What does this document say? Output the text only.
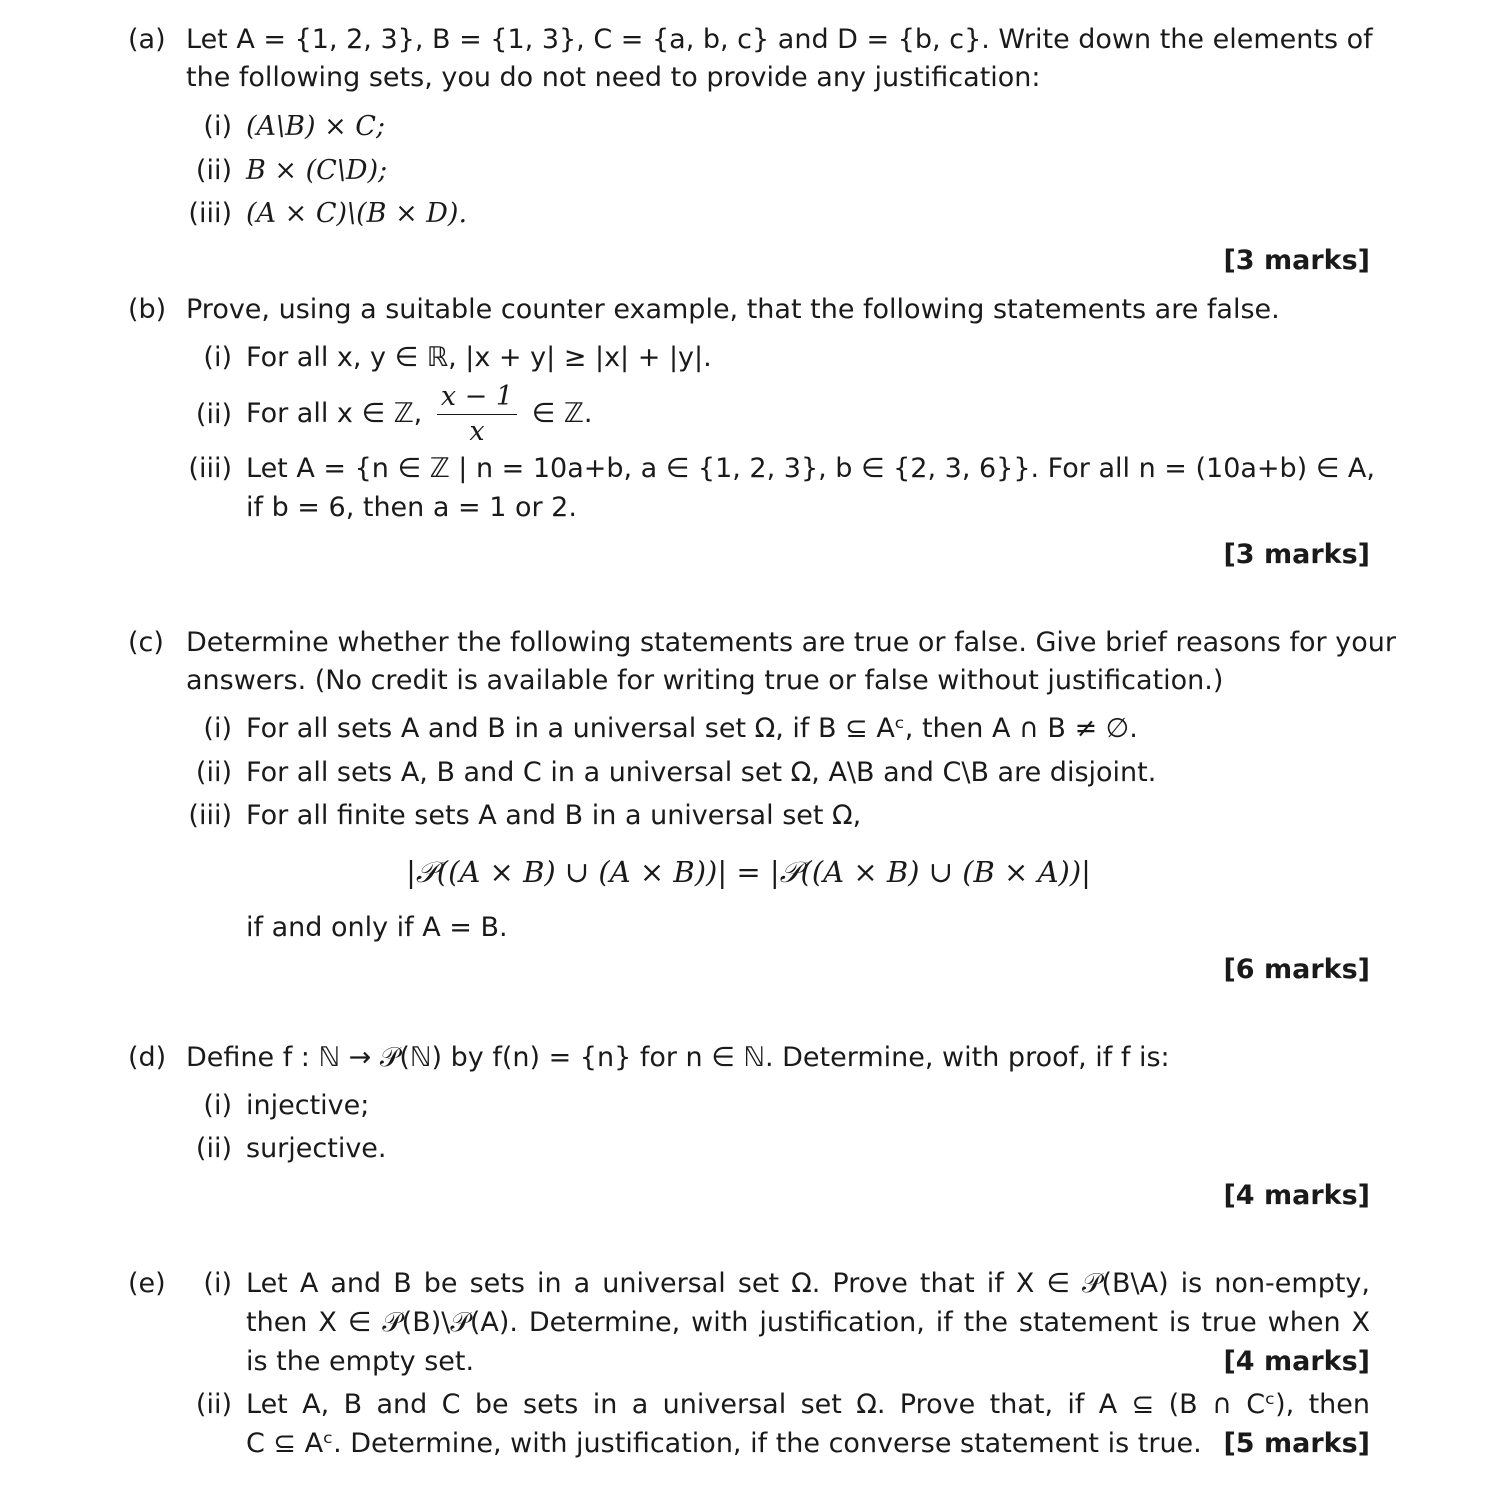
(a) Let A = {1, 2, 3}, B = {1, 3}, C = {a, b, c} and D = {b, c}. Write down the elements of
the following sets, you do not need to provide any justification:
(i) (A\B) × C;
(ii) B × (C\D);
(iii) (A × C)\(B × D).
[3 marks]
(b) Prove, using a suitable counter example, that the following statements are false.
(i) For all x, y ∈ ℝ, |x + y| ≥ |x| + |y|.
(ii) For all x ∈ ℤ, $\frac{x - 1}{x}$ ∈ ℤ.
(iii) Let A = {n ∈ ℤ | n = 10a+b, a ∈ {1, 2, 3}, b ∈ {2, 3, 6}}. For all n = (10a+b) ∈ A,
if b = 6, then a = 1 or 2.
[3 marks]
(c) Determine whether the following statements are true or false. Give brief reasons for your
answers. (No credit is available for writing true or false without justification.)
(i) For all sets A and B in a universal set Ω, if B ⊆ Aᶜ, then A ∩ B ≠ ∅.
(ii) For all sets A, B and C in a universal set Ω, A\B and C\B are disjoint.
(iii) For all finite sets A and B in a universal set Ω,
|𝒫((A × B) ∪ (A × B))| = |𝒫((A × B) ∪ (B × A))|
if and only if A = B.
[6 marks]
(d) Define f : ℕ → 𝒫(ℕ) by f(n) = {n} for n ∈ ℕ. Determine, with proof, if f is:
(i) injective;
(ii) surjective.
[4 marks]
(e)	(i) Let A and B be sets in a universal set Ω. Prove that if X ∈ 𝒫(B\A) is non-empty,
then X ∈ 𝒫(B)\𝒫(A). Determine, with justification, if the statement is true when X
is the empty set.	[4 marks]
(ii) Let A, B and C be sets in a universal set Ω. Prove that, if A ⊆ (B ∩ Cᶜ), then
C ⊆ Aᶜ. Determine, with justification, if the converse statement is true. [5 marks]
